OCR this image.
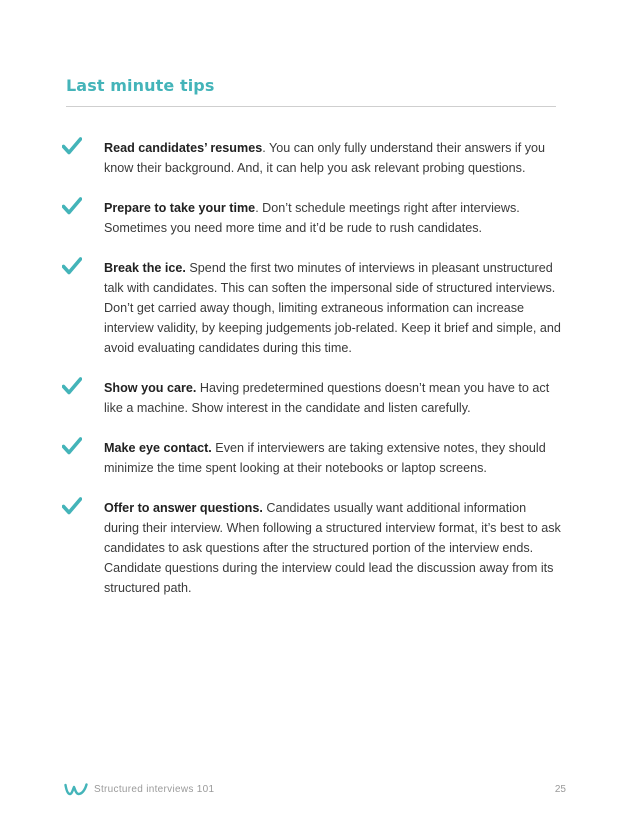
Last minute tips

Read candidates’ resumes. You can only fully understand their answers if you know their background. And, it can help you ask relevant probing questions.

Prepare to take your time. Don’t schedule meetings right after interviews. Sometimes you need more time and it’d be rude to rush candidates.

Break the ice. Spend the first two minutes of interviews in pleasant unstructured talk with candidates. This can soften the impersonal side of structured interviews. Don’t get carried away though, limiting extraneous information can increase interview validity, by keeping judgements job-related. Keep it brief and simple, and avoid evaluating candidates during this time.

Show you care. Having predetermined questions doesn’t mean you have to act like a machine. Show interest in the candidate and listen carefully.

Make eye contact. Even if interviewers are taking extensive notes, they should minimize the time spent looking at their notebooks or laptop screens.

Offer to answer questions. Candidates usually want additional information during their interview. When following a structured interview format, it’s best to ask candidates to ask questions after the structured portion of the interview ends. Candidate questions during the interview could lead the discussion away from its structured path.

Structured interviews 101	25
